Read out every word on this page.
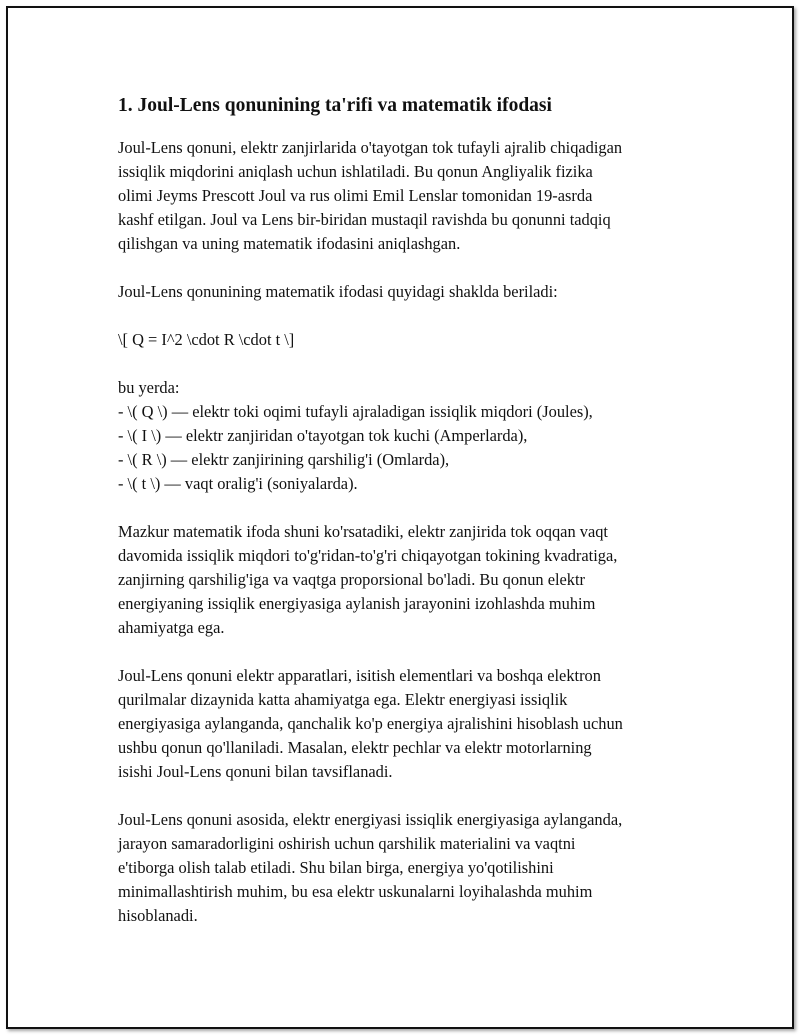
1. Joul-Lens qonunining ta'rifi va matematik ifodasi

Joul-Lens qonuni, elektr zanjirlarida o'tayotgan tok tufayli ajralib chiqadigan
issiqlik miqdorini aniqlash uchun ishlatiladi. Bu qonun Angliyalik fizika
olimi Jeyms Prescott Joul va rus olimi Emil Lenslar tomonidan 19-asrda
kashf etilgan. Joul va Lens bir-biridan mustaqil ravishda bu qonunni tadqiq
qilishgan va uning matematik ifodasini aniqlashgan.

Joul-Lens qonunining matematik ifodasi quyidagi shaklda beriladi:

\[ Q = I^2 \cdot R \cdot t \]

bu yerda:
- \( Q \) — elektr toki oqimi tufayli ajraladigan issiqlik miqdori (Joules),
- \( I \) — elektr zanjiridan o'tayotgan tok kuchi (Amperlarda),
- \( R \) — elektr zanjirining qarshilig'i (Omlarda),
- \( t \) — vaqt oralig'i (soniyalarda).

Mazkur matematik ifoda shuni ko'rsatadiki, elektr zanjirida tok oqqan vaqt
davomida issiqlik miqdori to'g'ridan-to'g'ri chiqayotgan tokining kvadratiga,
zanjirning qarshilig'iga va vaqtga proporsional bo'ladi. Bu qonun elektr
energiyaning issiqlik energiyasiga aylanish jarayonini izohlashda muhim
ahamiyatga ega.

Joul-Lens qonuni elektr apparatlari, isitish elementlari va boshqa elektron
qurilmalar dizaynida katta ahamiyatga ega. Elektr energiyasi issiqlik
energiyasiga aylanganda, qanchalik ko'p energiya ajralishini hisoblash uchun
ushbu qonun qo'llaniladi. Masalan, elektr pechlar va elektr motorlarning
isishi Joul-Lens qonuni bilan tavsiflanadi.

Joul-Lens qonuni asosida, elektr energiyasi issiqlik energiyasiga aylanganda,
jarayon samaradorligini oshirish uchun qarshilik materialini va vaqtni
e'tiborga olish talab etiladi. Shu bilan birga, energiya yo'qotilishini
minimallashtirish muhim, bu esa elektr uskunalarni loyihalashda muhim
hisoblanadi.
